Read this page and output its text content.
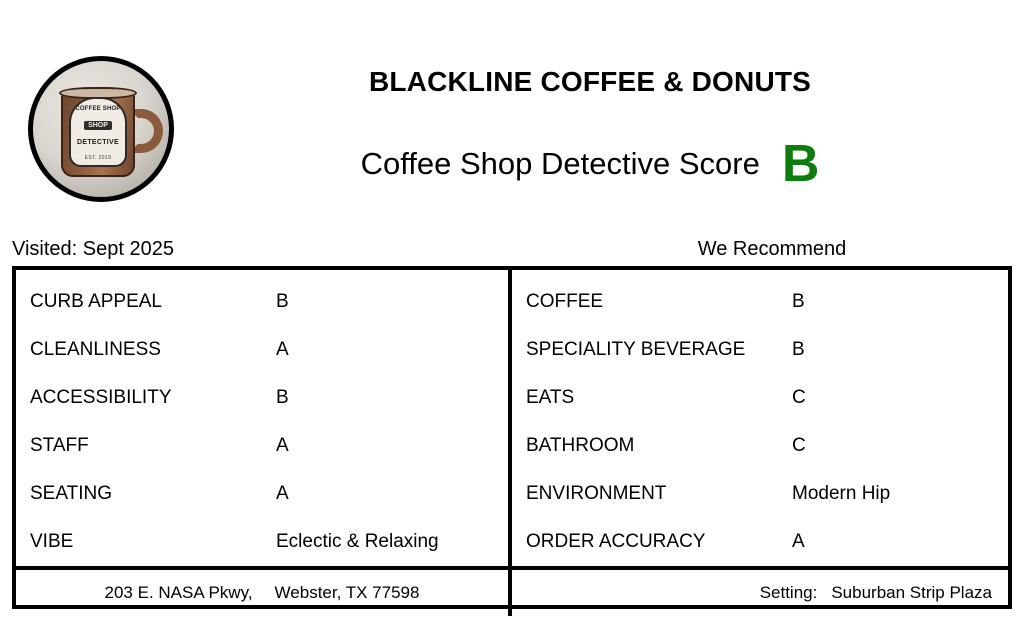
COFFEE SHOP
SHOP
DETECTIVE
EST. 2019
BLACKLINE COFFEE & DONUTS
Coffee Shop Detective Score B
Visited: Sept 2025	We Recommend
CURB APPEAL	B
CLEANLINESS	A
ACCESSIBILITY	B
STAFF	A
SEATING	A
VIBE	Eclectic & Relaxing
COFFEE	B
SPECIALITY BEVERAGE	B
EATS	C
BATHROOM	C
ENVIRONMENT	Modern Hip
ORDER ACCURACY	A
203 E. NASA Pkwy, Webster, TX 77598	Setting: Suburban Strip Plaza
